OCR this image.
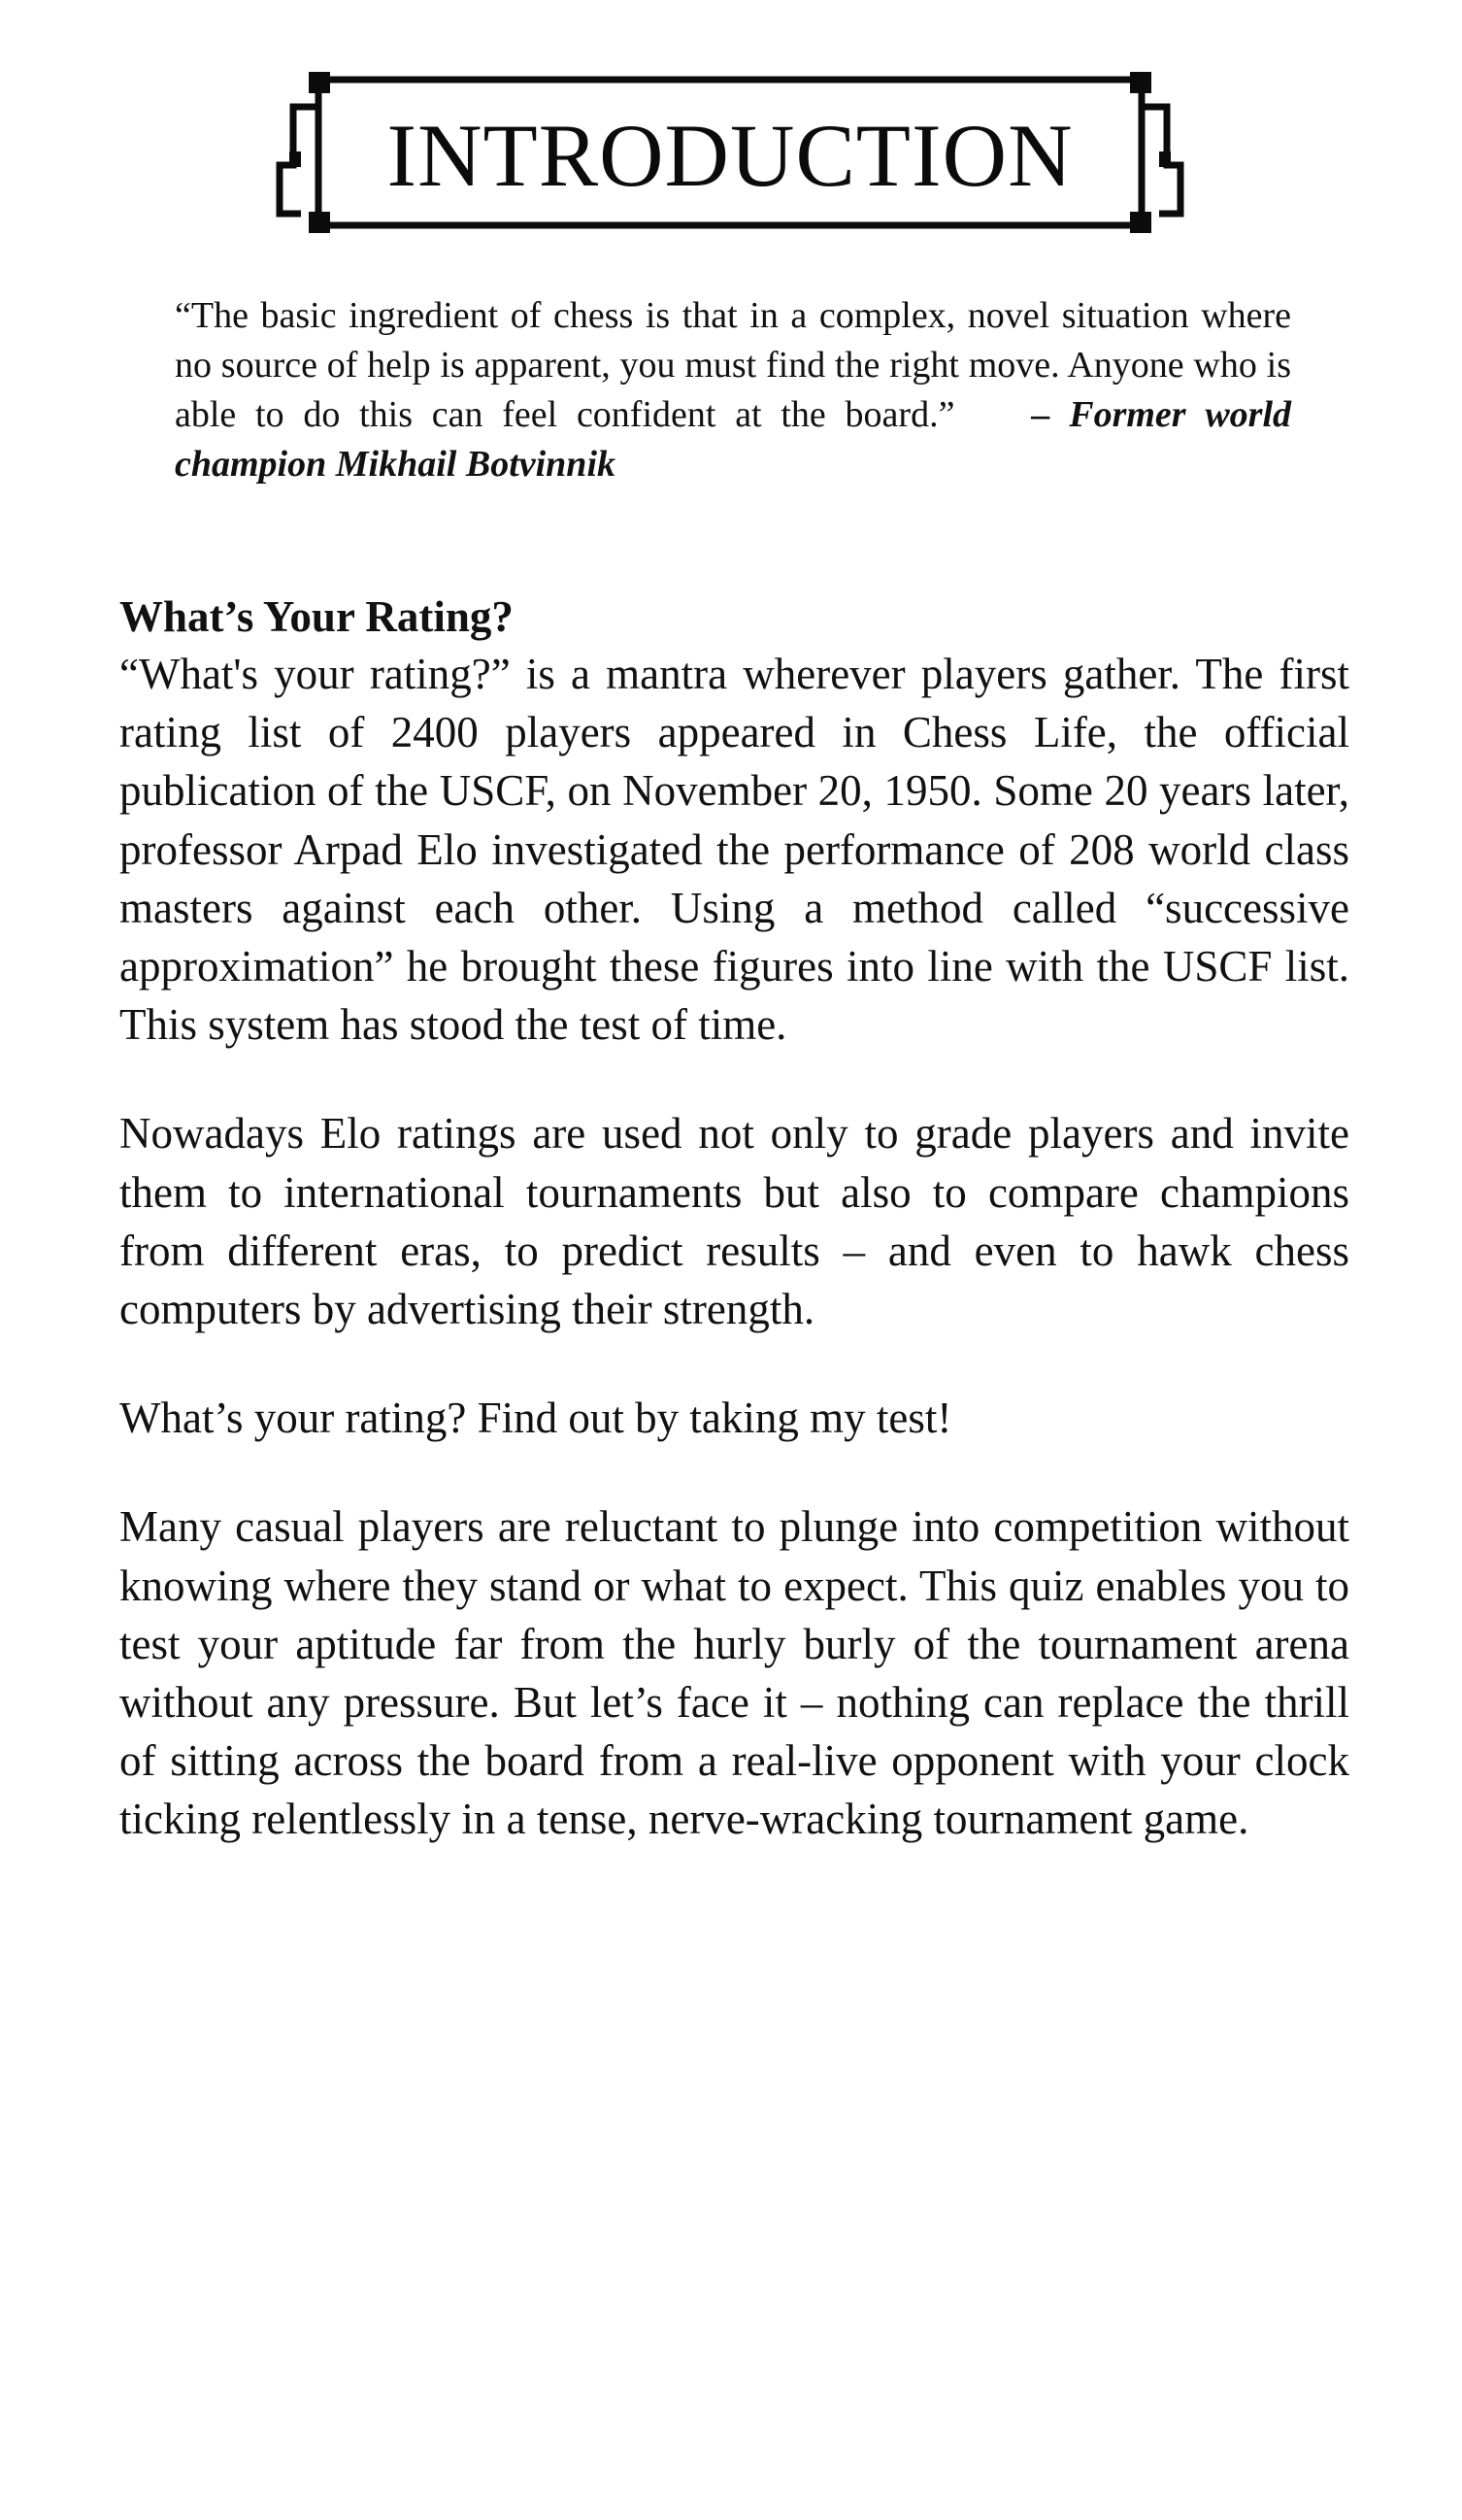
INTRODUCTION
“The basic ingredient of chess is that in a complex, novel situation where no source of help is apparent, you must find the right move. Anyone who is able to do this can feel confident at the board.” – Former world champion Mikhail Botvinnik
What’s Your Rating?

“What's your rating?” is a mantra wherever players gather. The first rating list of 2400 players appeared in Chess Life, the official publication of the USCF, on November 20, 1950. Some 20 years later, professor Arpad Elo investigated the performance of 208 world class masters against each other. Using a method called “successive approximation” he brought these figures into line with the USCF list. This system has stood the test of time.

Nowadays Elo ratings are used not only to grade players and invite them to international tournaments but also to compare champions from different eras, to predict results – and even to hawk chess computers by advertising their strength.

What’s your rating? Find out by taking my test!

Many casual players are reluctant to plunge into competition without knowing where they stand or what to expect. This quiz enables you to test your aptitude far from the hurly burly of the tournament arena without any pressure. But let’s face it – nothing can replace the thrill of sitting across the board from a real-live opponent with your clock ticking relentlessly in a tense, nerve-wracking tournament game.
